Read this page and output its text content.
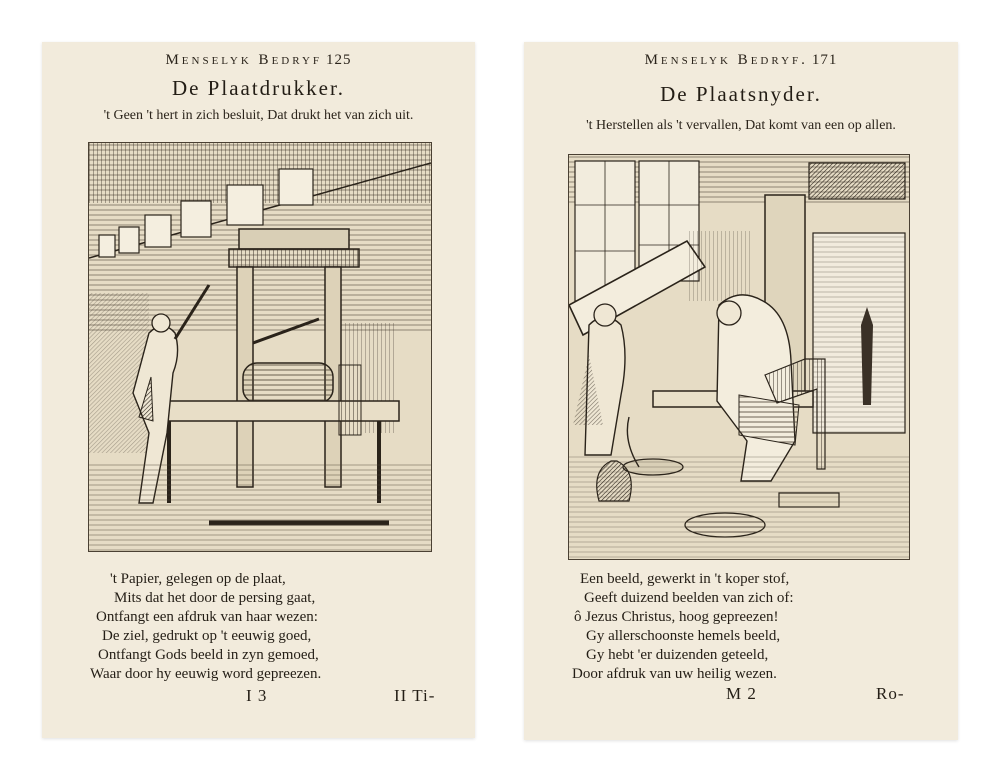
Menselyk Bedryf 125
De Plaatdrukker.
't Geen 't hert in zich besluit, Dat drukt het van zich uit.
't Papier, gelegen op de plaat,
Mits dat het door de persing gaat,
Ontfangt een afdruk van haar wezen:
De ziel, gedrukt op 't eeuwig goed,
Ontfangt Gods beeld in zyn gemoed,
Waar door hy eeuwig word gepreezen.
I 3	II Ti-
Menselyk Bedryf. 171
De Plaatsnyder.
't Herstellen als 't vervallen, Dat komt van een op allen.
Een beeld, gewerkt in 't koper stof,
Geeft duizend beelden van zich of:
ô Jezus Christus, hoog gepreezen!
Gy allerschoonste hemels beeld,
Gy hebt 'er duizenden geteeld,
Door afdruk van uw heilig wezen.
M 2	Ro-
